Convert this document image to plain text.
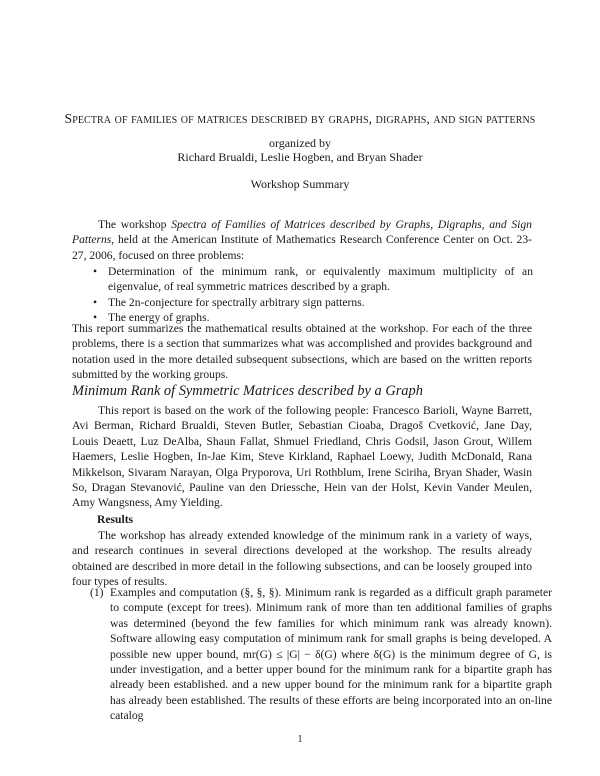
Spectra of families of matrices described by graphs, digraphs, and sign patterns
organized by
Richard Brualdi, Leslie Hogben, and Bryan Shader
Workshop Summary

The workshop Spectra of Families of Matrices described by Graphs, Digraphs, and Sign Patterns, held at the American Institute of Mathematics Research Conference Center on Oct. 23-27, 2006, focused on three problems:

• Determination of the minimum rank, or equivalently maximum multiplicity of an eigenvalue, of real symmetric matrices described by a graph.
• The 2n-conjecture for spectrally arbitrary sign patterns.
• The energy of graphs.

This report summarizes the mathematical results obtained at the workshop. For each of the three problems, there is a section that summarizes what was accomplished and provides background and notation used in the more detailed subsequent subsections, which are based on the written reports submitted by the working groups.

Minimum Rank of Symmetric Matrices described by a Graph

This report is based on the work of the following people: Francesco Barioli, Wayne Barrett, Avi Berman, Richard Brualdi, Steven Butler, Sebastian Cioaba, Dragoš Cvetković, Jane Day, Louis Deaett, Luz DeAlba, Shaun Fallat, Shmuel Friedland, Chris Godsil, Jason Grout, Willem Haemers, Leslie Hogben, In-Jae Kim, Steve Kirkland, Raphael Loewy, Judith McDonald, Rana Mikkelson, Sivaram Narayan, Olga Pryporova, Uri Rothblum, Irene Sciriha, Bryan Shader, Wasin So, Dragan Stevanović, Pauline van den Driessche, Hein van der Holst, Kevin Vander Meulen, Amy Wangsness, Amy Yielding.

Results

The workshop has already extended knowledge of the minimum rank in a variety of ways, and research continues in several directions developed at the workshop. The results already obtained are described in more detail in the following subsections, and can be loosely grouped into four types of results.

(1) Examples and computation (§, §, §). Minimum rank is regarded as a difficult graph parameter to compute (except for trees). Minimum rank of more than ten additional families of graphs was determined (beyond the few families for which minimum rank was already known). Software allowing easy computation of minimum rank for small graphs is being developed. A possible new upper bound, mr(G) ≤ |G| − δ(G) where δ(G) is the minimum degree of G, is under investigation, and a better upper bound for the minimum rank for a bipartite graph has already been established. and a new upper bound for the minimum rank for a bipartite graph has already been established. The results of these efforts are being incorporated into an on-line catalog
1
